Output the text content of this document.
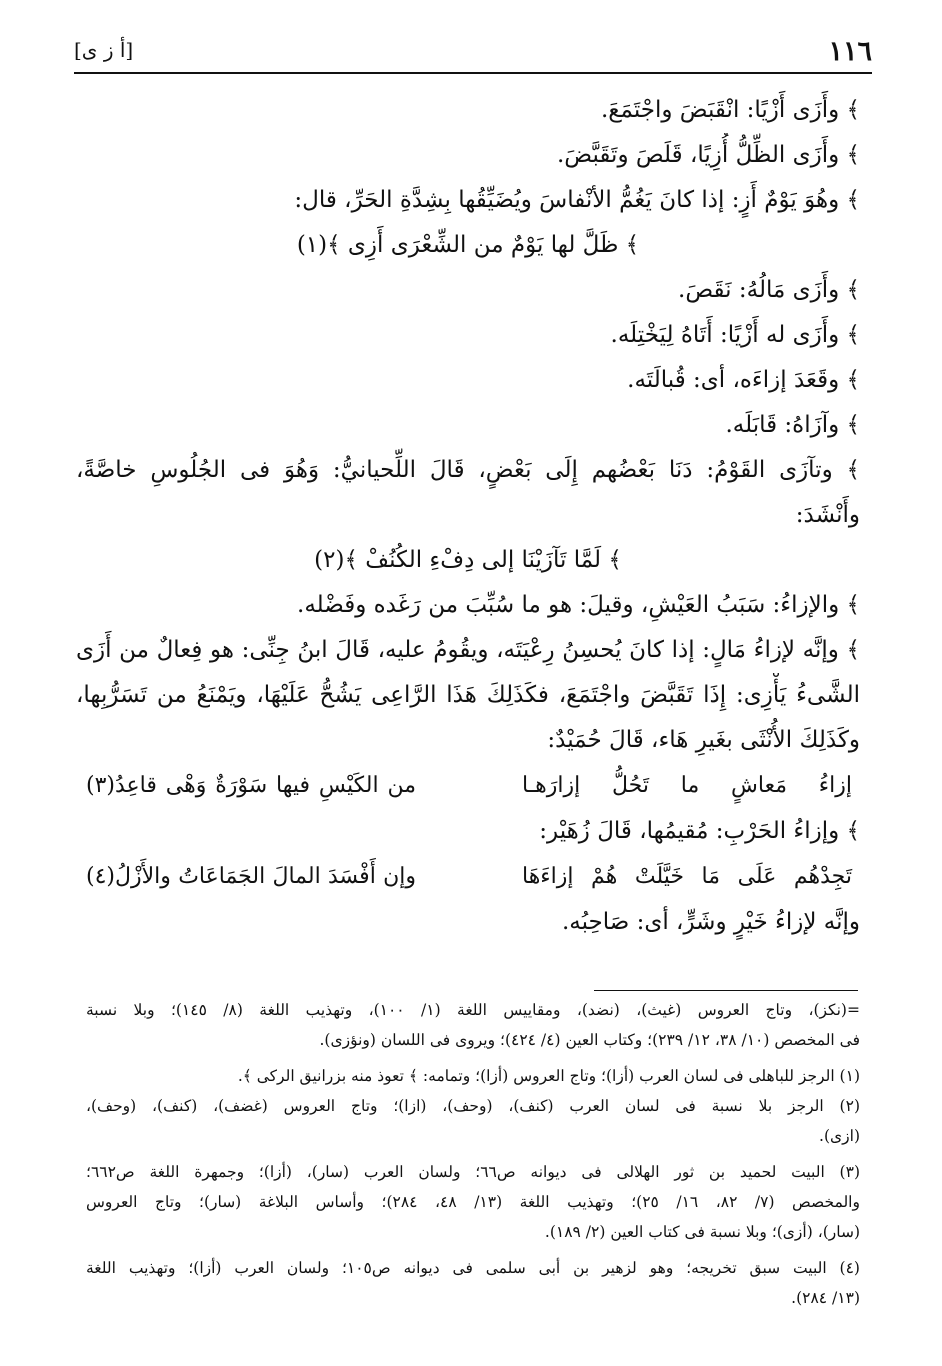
١١٦
[أ ز ى]
﴾ وأَزَى أَزْيًا: انْقَبَضَ واجْتَمَعَ.
﴾ وأَزَى الظِّلُّ أُزِيًا، قَلَصَ وتَقَبَّضَ.
﴾ وهُوَ يَوْمٌ أَزٍ: إذا كانَ يَغُمُّ الأنْفاسَ ويُضَيِّقُها بِشِدَّةِ الحَرِّ، قال:
﴾ ظَلَّ لها يَوْمٌ من الشِّعْرَى أَزِى ﴾(١)
﴾ وأَزَى مَالُهُ: نَقَصَ.
﴾ وأَزَى له أَزْيًا: أَتَاهُ لِيَخْتِلَه.
﴾ وقَعَدَ إزاءَه، أى: قُبالَتَه.
﴾ وآزَاهُ: قَابَلَه.
﴾ وتآزَى القَوْمُ: دَنَا بَعْضُهم إِلَى بَعْضٍ، قَالَ اللِّحيانيُّ: وَهُوَ فى الجُلُوسِ خاصَّةً،
وأَنْشَدَ:
﴾ لَمَّا تَآزَيْنَا إلى دِفْءِ الكُنُفْ ﴾(٢)
﴾ والإزاءُ: سَبَبُ العَيْشِ، وقيلَ: هو ما سُبِّبَ من رَغَده وفَضْله.
﴾ وإنَّه لإزاءُ مَالٍ: إذا كانَ يُحسِنُ رِعْيَتَه، ويقُومُ عليه، قَالَ ابنُ جِنِّى: هو فِعالٌ من أَزَى
الشَّىءُ يَأْزِى: إِذَا تَقَبَّضَ واجْتَمَعَ، فكَذَلِكَ هَذَا الرَّاعِى يَشُحُّ عَلَيْهَا، ويَمْنَعُ من تَسَرُّبِها،
وكَذَلِكَ الأُنْثَى بغَيرِ هَاء، قَالَ حُمَيْدٌ:
إزاءُ مَعاشٍ ما تَحُلُّ إزارَهـا
من الكَيْسِ فيها سَوْرَةٌ وَهْى قاعِدُ(٣)
﴾ وإزاءُ الحَرْبِ: مُقيمُها، قَالَ زُهَيْر:
تَجِدْهُم عَلَى مَا خَيَّلَتْ هُمْ إزاءَهَا
وإن أَفْسَدَ المالَ الجَمَاعَاتُ والأَزْلُ(٤)
وإنَّه لإزاءُ خَيْرٍ وشَرٍّ، أى: صَاحِبُه.
=(نكز)، وتاج العروس (غيث)، (نضد)، ومقاييس اللغة (١/ ١٠٠)، وتهذيب اللغة (٨/ ١٤٥)؛ وبلا نسبة
فى المخصص (١٠/ ٣٨، ١٢/ ٢٣٩)؛ وكتاب العين (٤/ ٤٢٤)؛ ويروى فى اللسان (ونؤزى).
(١) الرجز للباهلى فى لسان العرب (أزا)؛ وتاج العروس (أزا)؛ وتمامه: ﴾ تعوذ منه بزرانيق الركى ﴾.
(٢) الرجز بلا نسبة فى لسان العرب (كنف)، (وحف)، (ازا)؛ وتاج العروس (غضف)، (كنف)، (وحف)،
(ازى).
(٣) البيت لحميد بن ثور الهلالى فى ديوانه ص٦٦؛ ولسان العرب (سار)، (أزا)؛ وجمهرة اللغة ص٦٦٢؛
والمخصص (٧/ ٨٢، ١٦/ ٢٥)؛ وتهذيب اللغة (١٣/ ٤٨، ٢٨٤)؛ وأساس البلاغة (سار)؛ وتاج العروس
(سار)، (أزى)؛ وبلا نسبة فى كتاب العين (٢/ ١٨٩).
(٤) البيت سبق تخريجه؛ وهو لزهير بن أبى سلمى فى ديوانه ص١٠٥؛ ولسان العرب (أزا)؛ وتهذيب اللغة
(١٣/ ٢٨٤).
